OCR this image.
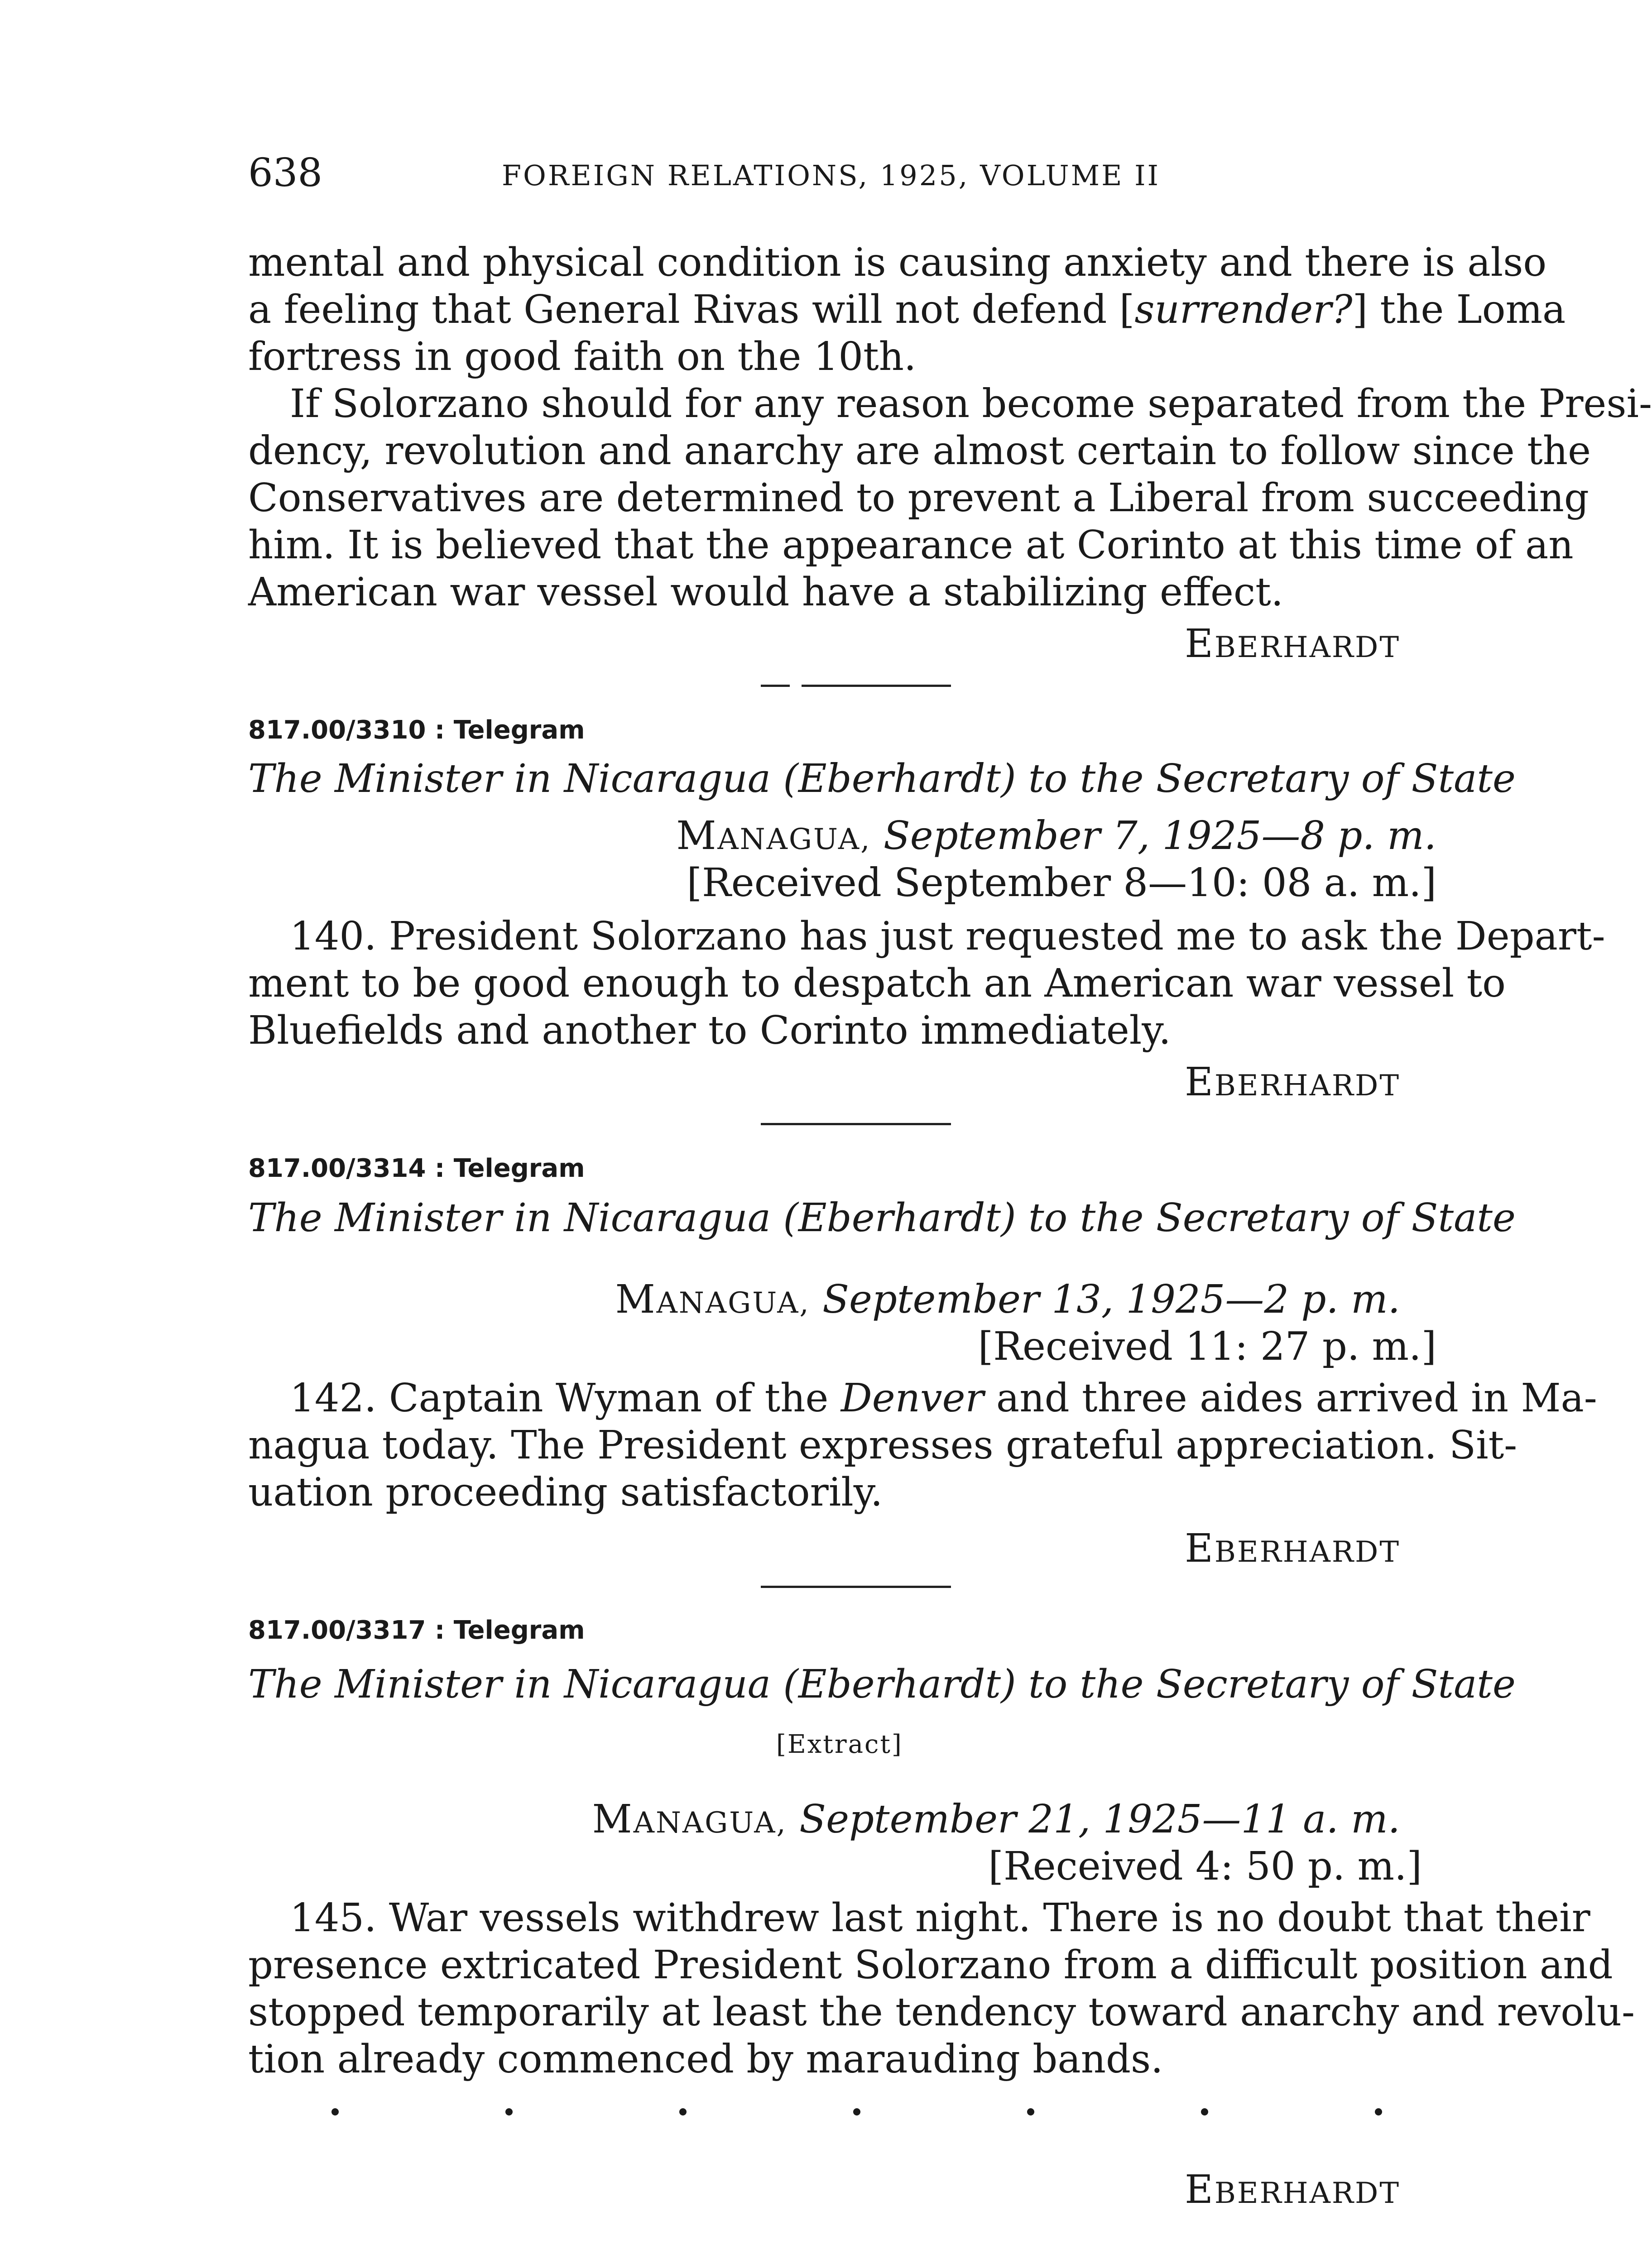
638	FOREIGN RELATIONS, 1925, VOLUME II
mental and physical condition is causing anxiety and there is also
a feeling that General Rivas will not defend [surrender?] the Loma
fortress in good faith on the 10th.
If Solorzano should for any reason become separated from the Presi-
dency, revolution and anarchy are almost certain to follow since the
Conservatives are determined to prevent a Liberal from succeeding
him. It is believed that the appearance at Corinto at this time of an
American war vessel would have a stabilizing effect.
EBERHARDT
817.00/3310 : Telegram
The Minister in Nicaragua (Eberhardt) to the Secretary of State
MANAGUA, September 7, 1925—8 p. m.
[Received September 8—10: 08 a. m.]
140. President Solorzano has just requested me to ask the Depart-
ment to be good enough to despatch an American war vessel to
Bluefields and another to Corinto immediately.
EBERHARDT
817.00/3314 : Telegram
The Minister in Nicaragua (Eberhardt) to the Secretary of State
MANAGUA, September 13, 1925—2 p. m.
[Received 11: 27 p. m.]
142. Captain Wyman of the Denver and three aides arrived in Ma-
nagua today. The President expresses grateful appreciation. Sit-
uation proceeding satisfactorily.
EBERHARDT
817.00/3317 : Telegram
The Minister in Nicaragua (Eberhardt) to the Secretary of State
[Extract]
MANAGUA, September 21, 1925—11 a. m.
[Received 4: 50 p. m.]
145. War vessels withdrew last night. There is no doubt that their
presence extricated President Solorzano from a difficult position and
stopped temporarily at least the tendency toward anarchy and revolu-
tion already commenced by marauding bands.
EBERHARDT
